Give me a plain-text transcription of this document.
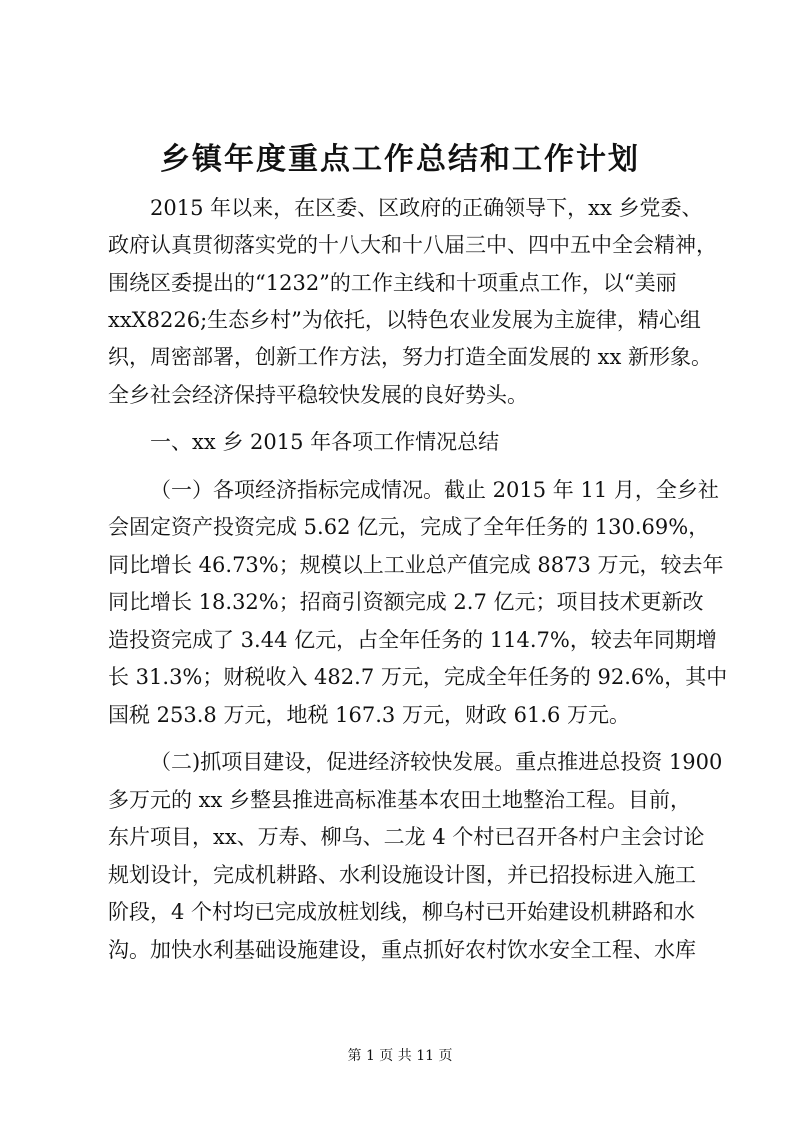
乡镇年度重点工作总结和工作计划

2015 年以来，在区委、区政府的正确领导下，xx 乡党委、

政府认真贯彻落实党的十八大和十八届三中、四中五中全会精神，

围绕区委提出的“1232”的工作主线和十项重点工作，以“美丽

xxX8226;生态乡村”为依托，以特色农业发展为主旋律，精心组

织，周密部署，创新工作方法，努力打造全面发展的 xx 新形象。

全乡社会经济保持平稳较快发展的良好势头。

一、xx 乡 2015 年各项工作情况总结

（一）各项经济指标完成情况。截止 2015 年 11 月，全乡社

会固定资产投资完成 5.62 亿元，完成了全年任务的 130.69%，

同比增长 46.73%；规模以上工业总产值完成 8873 万元，较去年

同比增长 18.32%；招商引资额完成 2.7 亿元；项目技术更新改

造投资完成了 3.44 亿元，占全年任务的 114.7%，较去年同期增

长 31.3%；财税收入 482.7 万元，完成全年任务的 92.6%，其中

国税 253.8 万元，地税 167.3 万元，财政 61.6 万元。

（二)抓项目建设，促进经济较快发展。重点推进总投资 1900

多万元的 xx 乡整县推进高标准基本农田土地整治工程。目前，

东片项目，xx、万寿、柳乌、二龙 4 个村已召开各村户主会讨论

规划设计，完成机耕路、水利设施设计图，并已招投标进入施工

阶段，4 个村均已完成放桩划线，柳乌村已开始建设机耕路和水

沟。加快水利基础设施建设，重点抓好农村饮水安全工程、水库

第 1 页 共 11 页
